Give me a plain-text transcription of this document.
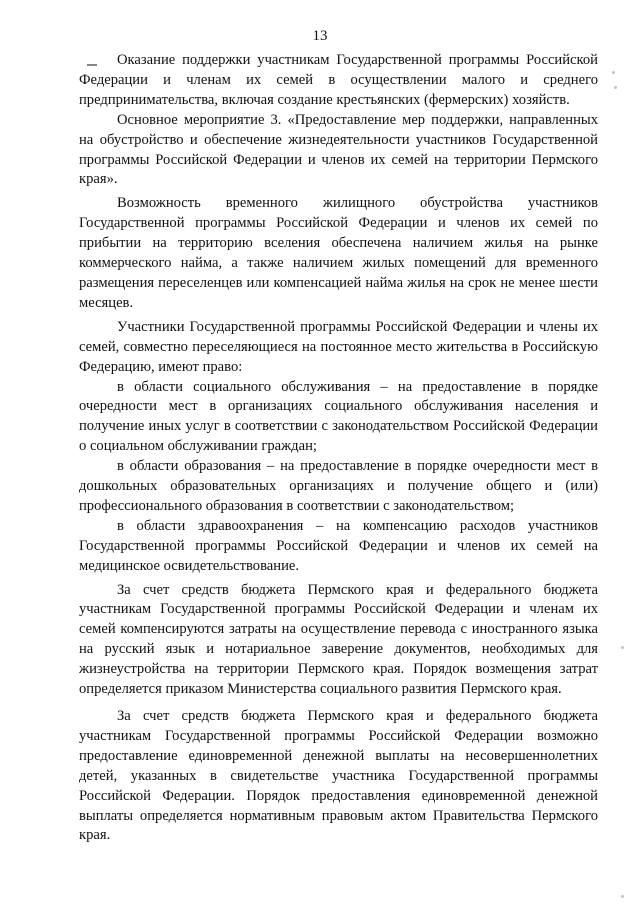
13

Оказание поддержки участникам Государственной программы Российской Федерации и членам их семей в осуществлении малого и среднего предпринимательства, включая создание крестьянских (фермерских) хозяйств.

Основное мероприятие 3. «Предоставление мер поддержки, направленных на обустройство и обеспечение жизнедеятельности участников Государственной программы Российской Федерации и членов их семей на территории Пермского края».

Возможность временного жилищного обустройства участников Государственной программы Российской Федерации и членов их семей по прибытии на территорию вселения обеспечена наличием жилья на рынке коммерческого найма, а также наличием жилых помещений для временного размещения переселенцев или компенсацией найма жилья на срок не менее шести месяцев.

Участники Государственной программы Российской Федерации и члены их семей, совместно переселяющиеся на постоянное место жительства в Российскую Федерацию, имеют право:

в области социального обслуживания – на предоставление в порядке очередности мест в организациях социального обслуживания населения и получение иных услуг в соответствии с законодательством Российской Федерации о социальном обслуживании граждан;

в области образования – на предоставление в порядке очередности мест в дошкольных образовательных организациях и получение общего и (или) профессионального образования в соответствии с законодательством;

в области здравоохранения – на компенсацию расходов участников Государственной программы Российской Федерации и членов их семей на медицинское освидетельствование.

За счет средств бюджета Пермского края и федерального бюджета участникам Государственной программы Российской Федерации и членам их семей компенсируются затраты на осуществление перевода с иностранного языка на русский язык и нотариальное заверение документов, необходимых для жизнеустройства на территории Пермского края. Порядок возмещения затрат определяется приказом Министерства социального развития Пермского края.

За счет средств бюджета Пермского края и федерального бюджета участникам Государственной программы Российской Федерации возможно предоставление единовременной денежной выплаты на несовершеннолетних детей, указанных в свидетельстве участника Государственной программы Российской Федерации. Порядок предоставления единовременной денежной выплаты определяется нормативным правовым актом Правительства Пермского края.
